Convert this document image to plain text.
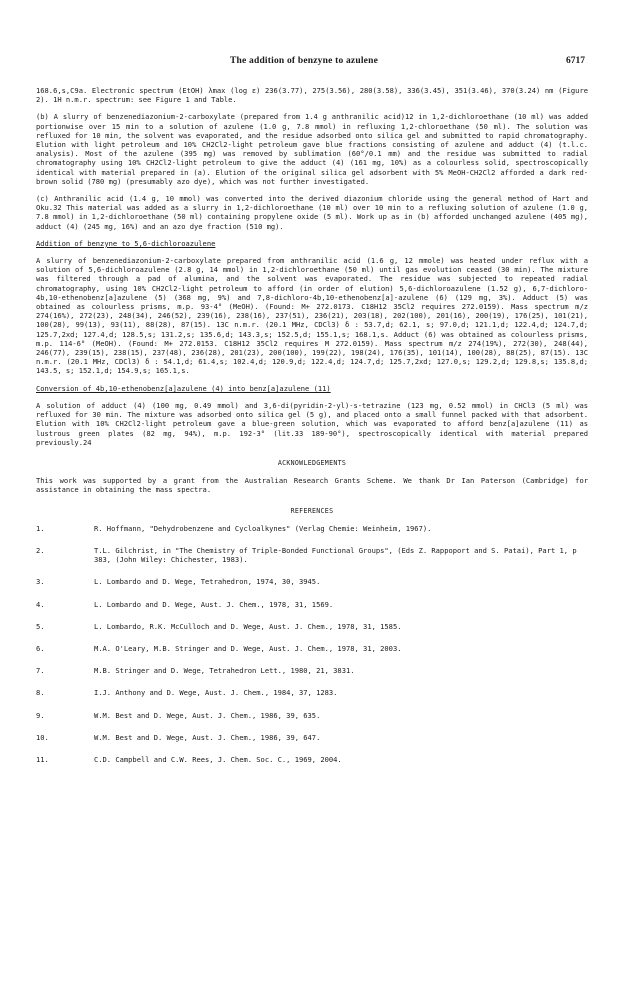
The addition of benzyne to azulene	6717

168.6,s,C9a. Electronic spectrum (EtOH) λmax (log ε) 236(3.77), 275(3.56), 280(3.58), 336(3.45), 351(3.46), 370(3.24) nm (Figure 2). 1H n.m.r. spectrum: see Figure 1 and Table.

(b) A slurry of benzenediazonium-2-carboxylate (prepared from 1.4 g anthranilic acid)12 in 1,2-dichloroethane (10 ml) was added portionwise over 15 min to a solution of azulene (1.0 g, 7.8 mmol) in refluxing 1,2-chloroethane (50 ml). The solution was refluxed for 10 min, the solvent was evaporated, and the residue adsorbed onto silica gel and submitted to rapid chromatography. Elution with light petroleum and 10% CH2Cl2-light petroleum gave blue fractions consisting of azulene and adduct (4) (t.l.c. analysis). Most of the azulene (395 mg) was removed by sublimation (60°/0.1 mm) and the residue was submitted to radial chromatography using 10% CH2Cl2-light petroleum to give the adduct (4) (161 mg, 10%) as a colourless solid, spectroscopically identical with material prepared in (a). Elution of the original silica gel adsorbent with 5% MeOH-CH2Cl2 afforded a dark red-brown solid (780 mg) (presumably azo dye), which was not further investigated.

(c) Anthranilic acid (1.4 g, 10 mmol) was converted into the derived diazonium chloride using the general method of Hart and Oku.32 This material was added as a slurry in 1,2-dichloroethane (10 ml) over 10 min to a refluxing solution of azulene (1.0 g, 7.8 mmol) in 1,2-dichloroethane (50 ml) containing propylene oxide (5 ml). Work up as in (b) afforded unchanged azulene (405 mg), adduct (4) (245 mg, 16%) and an azo dye fraction (510 mg).

Addition of benzyne to 5,6-dichloroazulene

A slurry of benzenediazonium-2-carboxylate prepared from anthranilic acid (1.6 g, 12 mmole) was heated under reflux with a solution of 5,6-dichloroazulene (2.8 g, 14 mmol) in 1,2-dichloroethane (50 ml) until gas evolution ceased (30 min). The mixture was filtered through a pad of alumina, and the solvent was evaporated. The residue was subjected to repeated radial chromatography, using 10% CH2Cl2-light petroleum to afford (in order of elution) 5,6-dichloroazulene (1.52 g), 6,7-dichloro-4b,10-ethenobenz[a]azulene (5) (368 mg, 9%) and 7,8-dichloro-4b,10-ethenobenz[a]-azulene (6) (129 mg, 3%). Adduct (5) was obtained as colourless prisms, m.p. 93-4° (MeOH). (Found: M+ 272.0173. C18H12 35Cl2 requires 272.0159). Mass spectrum m/z 274(16%), 272(23), 248(34), 246(52), 239(16), 238(16), 237(51), 236(21), 203(18), 202(100), 201(16), 200(19), 176(25), 101(21), 100(28), 99(13), 93(11), 88(28), 87(15). 13C n.m.r. (20.1 MHz, CDCl3) δ : 53.7,d; 62.1, s; 97.0,d; 121.1,d; 122.4,d; 124.7,d; 125.7,2xd; 127.4,d; 128.5,s; 131.2,s; 135.6,d; 143.3,s; 152.5,d; 155.1,s; 168.1,s. Adduct (6) was obtained as colourless prisms, m.p. 114-6° (MeOH). (Found: M+ 272.0153. C18H12 35Cl2 requires M 272.0159). Mass spectrum m/z 274(19%), 272(30), 248(44), 246(77), 239(15), 238(15), 237(48), 236(28), 201(23), 200(100), 199(22), 198(24), 176(35), 101(14), 100(28), 88(25), 87(15). 13C n.m.r. (20.1 MHz, CDCl3) δ : 54.1,d; 61.4,s; 102.4,d; 120.9,d; 122.4,d; 124.7,d; 125.7,2xd; 127.0,s; 129.2,d; 129.8,s; 135.8,d; 143.5, s; 152.1,d; 154.9,s; 165.1,s.

Conversion of 4b,10-ethenobenz[a]azulene (4) into benz[a]azulene (11)

A solution of adduct (4) (100 mg, 0.49 mmol) and 3,6-di(pyridin-2-yl)-s-tetrazine (123 mg, 0.52 mmol) in CHCl3 (5 ml) was refluxed for 30 min. The mixture was adsorbed onto silica gel (5 g), and placed onto a small funnel packed with that adsorbent. Elution with 10% CH2Cl2-light petroleum gave a blue-green solution, which was evaporated to afford benz[a]azulene (11) as lustrous green plates (82 mg, 94%), m.p. 192-3° (lit.33 189-90°), spectroscopically identical with material prepared previously.24

ACKNOWLEDGEMENTS

This work was supported by a grant from the Australian Research Grants Scheme. We thank Dr Ian Paterson (Cambridge) for assistance in obtaining the mass spectra.

REFERENCES
1.	R. Hoffmann, "Dehydrobenzene and Cycloalkynes" (Verlag Chemie: Weinheim, 1967).
2.	T.L. Gilchrist, in "The Chemistry of Triple-Bonded Functional Groups", (Eds Z. Rappoport and S. Patai), Part 1, p 383, (John Wiley: Chichester, 1983).
3.	L. Lombardo and D. Wege, Tetrahedron, 1974, 30, 3945.
4.	L. Lombardo and D. Wege, Aust. J. Chem., 1978, 31, 1569.
5.	L. Lombardo, R.K. McCulloch and D. Wege, Aust. J. Chem., 1978, 31, 1585.
6.	M.A. O'Leary, M.B. Stringer and D. Wege, Aust. J. Chem., 1978, 31, 2003.
7.	M.B. Stringer and D. Wege, Tetrahedron Lett., 1980, 21, 3831.
8.	I.J. Anthony and D. Wege, Aust. J. Chem., 1984, 37, 1283.
9.	W.M. Best and D. Wege, Aust. J. Chem., 1986, 39, 635.
10.	W.M. Best and D. Wege, Aust. J. Chem., 1986, 39, 647.
11.	C.D. Campbell and C.W. Rees, J. Chem. Soc. C., 1969, 2004.
